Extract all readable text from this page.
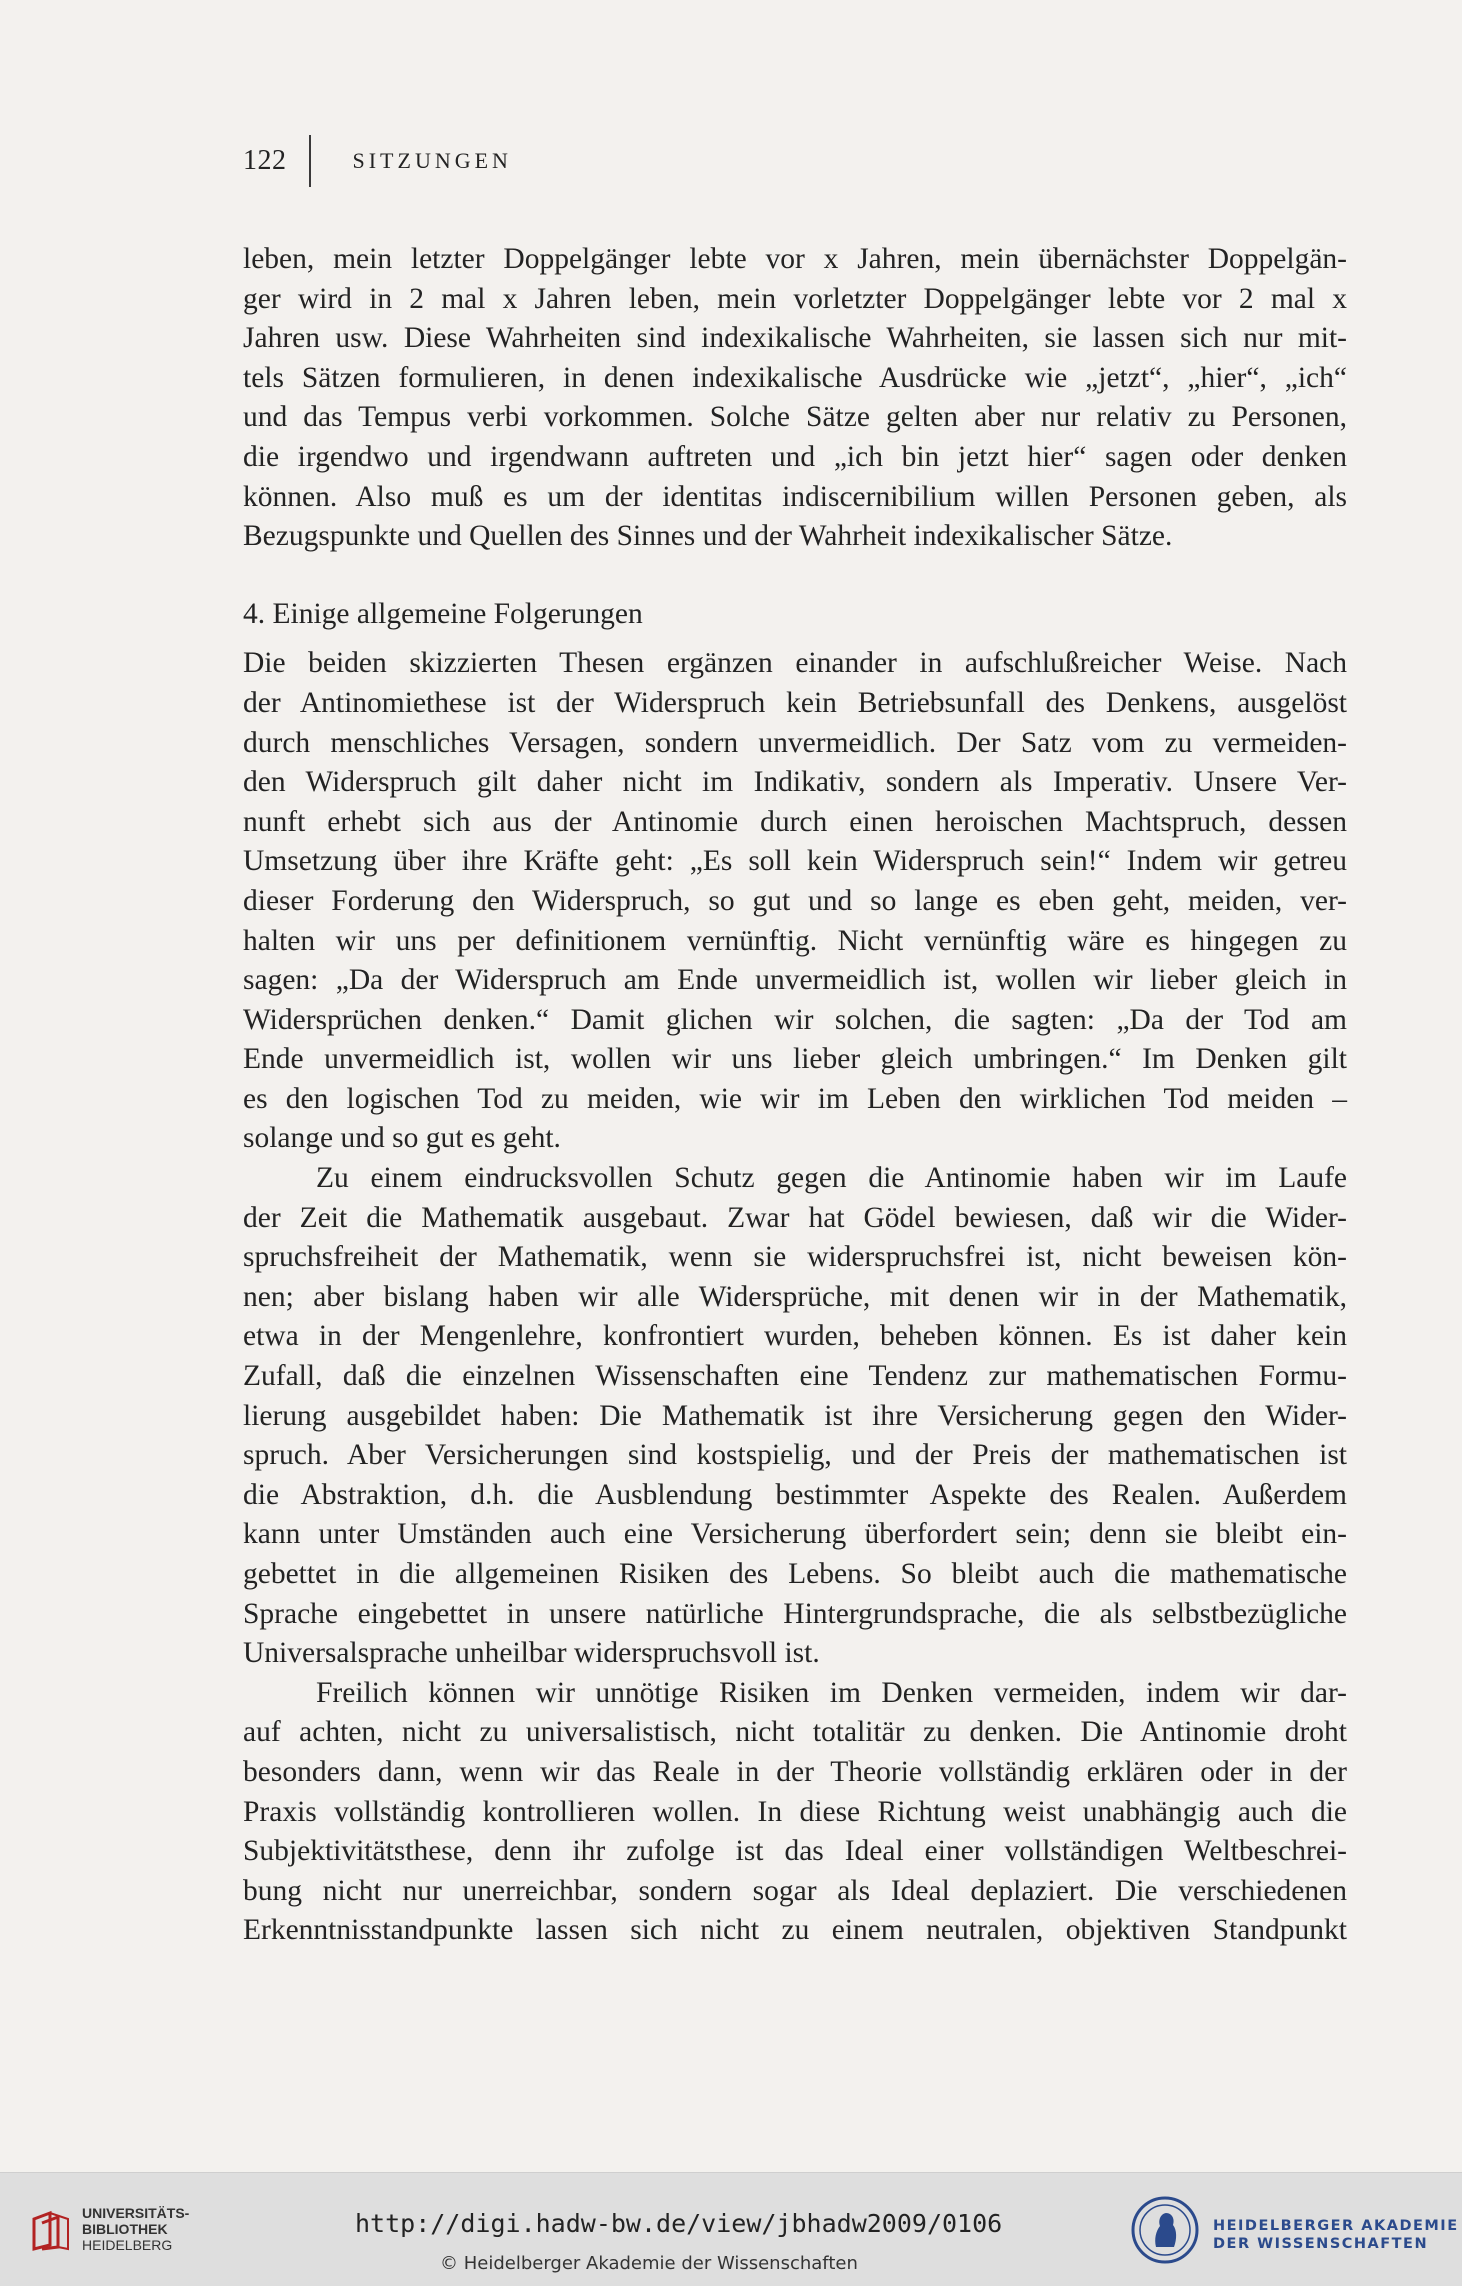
122	SITZUNGEN
leben, mein letzter Doppelgänger lebte vor x Jahren, mein übernächster Doppelgän-
ger wird in 2 mal x Jahren leben, mein vorletzter Doppelgänger lebte vor 2 mal x
Jahren usw. Diese Wahrheiten sind indexikalische Wahrheiten, sie lassen sich nur mit-
tels Sätzen formulieren, in denen indexikalische Ausdrücke wie „jetzt“, „hier“, „ich“
und das Tempus verbi vorkommen. Solche Sätze gelten aber nur relativ zu Personen,
die irgendwo und irgendwann auftreten und „ich bin jetzt hier“ sagen oder denken
können. Also muß es um der identitas indiscernibilium willen Personen geben, als
Bezugspunkte und Quellen des Sinnes und der Wahrheit indexikalischer Sätze.
4. Einige allgemeine Folgerungen
Die beiden skizzierten Thesen ergänzen einander in aufschlußreicher Weise. Nach
der Antinomiethese ist der Widerspruch kein Betriebsunfall des Denkens, ausgelöst
durch menschliches Versagen, sondern unvermeidlich. Der Satz vom zu vermeiden-
den Widerspruch gilt daher nicht im Indikativ, sondern als Imperativ. Unsere Ver-
nunft erhebt sich aus der Antinomie durch einen heroischen Machtspruch, dessen
Umsetzung über ihre Kräfte geht: „Es soll kein Widerspruch sein!“ Indem wir getreu
dieser Forderung den Widerspruch, so gut und so lange es eben geht, meiden, ver-
halten wir uns per definitionem vernünftig. Nicht vernünftig wäre es hingegen zu
sagen: „Da der Widerspruch am Ende unvermeidlich ist, wollen wir lieber gleich in
Widersprüchen denken.“ Damit glichen wir solchen, die sagten: „Da der Tod am
Ende unvermeidlich ist, wollen wir uns lieber gleich umbringen.“ Im Denken gilt
es den logischen Tod zu meiden, wie wir im Leben den wirklichen Tod meiden –
solange und so gut es geht.
Zu einem eindrucksvollen Schutz gegen die Antinomie haben wir im Laufe
der Zeit die Mathematik ausgebaut. Zwar hat Gödel bewiesen, daß wir die Wider-
spruchsfreiheit der Mathematik, wenn sie widerspruchsfrei ist, nicht beweisen kön-
nen; aber bislang haben wir alle Widersprüche, mit denen wir in der Mathematik,
etwa in der Mengenlehre, konfrontiert wurden, beheben können. Es ist daher kein
Zufall, daß die einzelnen Wissenschaften eine Tendenz zur mathematischen Formu-
lierung ausgebildet haben: Die Mathematik ist ihre Versicherung gegen den Wider-
spruch. Aber Versicherungen sind kostspielig, und der Preis der mathematischen ist
die Abstraktion, d.h. die Ausblendung bestimmter Aspekte des Realen. Außerdem
kann unter Umständen auch eine Versicherung überfordert sein; denn sie bleibt ein-
gebettet in die allgemeinen Risiken des Lebens. So bleibt auch die mathematische
Sprache eingebettet in unsere natürliche Hintergrundsprache, die als selbstbezügliche
Universalsprache unheilbar widerspruchsvoll ist.
Freilich können wir unnötige Risiken im Denken vermeiden, indem wir dar-
auf achten, nicht zu universalistisch, nicht totalitär zu denken. Die Antinomie droht
besonders dann, wenn wir das Reale in der Theorie vollständig erklären oder in der
Praxis vollständig kontrollieren wollen. In diese Richtung weist unabhängig auch die
Subjektivitätsthese, denn ihr zufolge ist das Ideal einer vollständigen Weltbeschrei-
bung nicht nur unerreichbar, sondern sogar als Ideal deplaziert. Die verschiedenen
Erkenntnisstandpunkte lassen sich nicht zu einem neutralen, objektiven Standpunkt
UNIVERSITÄTS-
BIBLIOTHEK
HEIDELBERG
http://digi.hadw-bw.de/view/jbhadw2009/0106
© Heidelberger Akademie der Wissenschaften
HEIDELBERGER AKADEMIE
DER WISSENSCHAFTEN
